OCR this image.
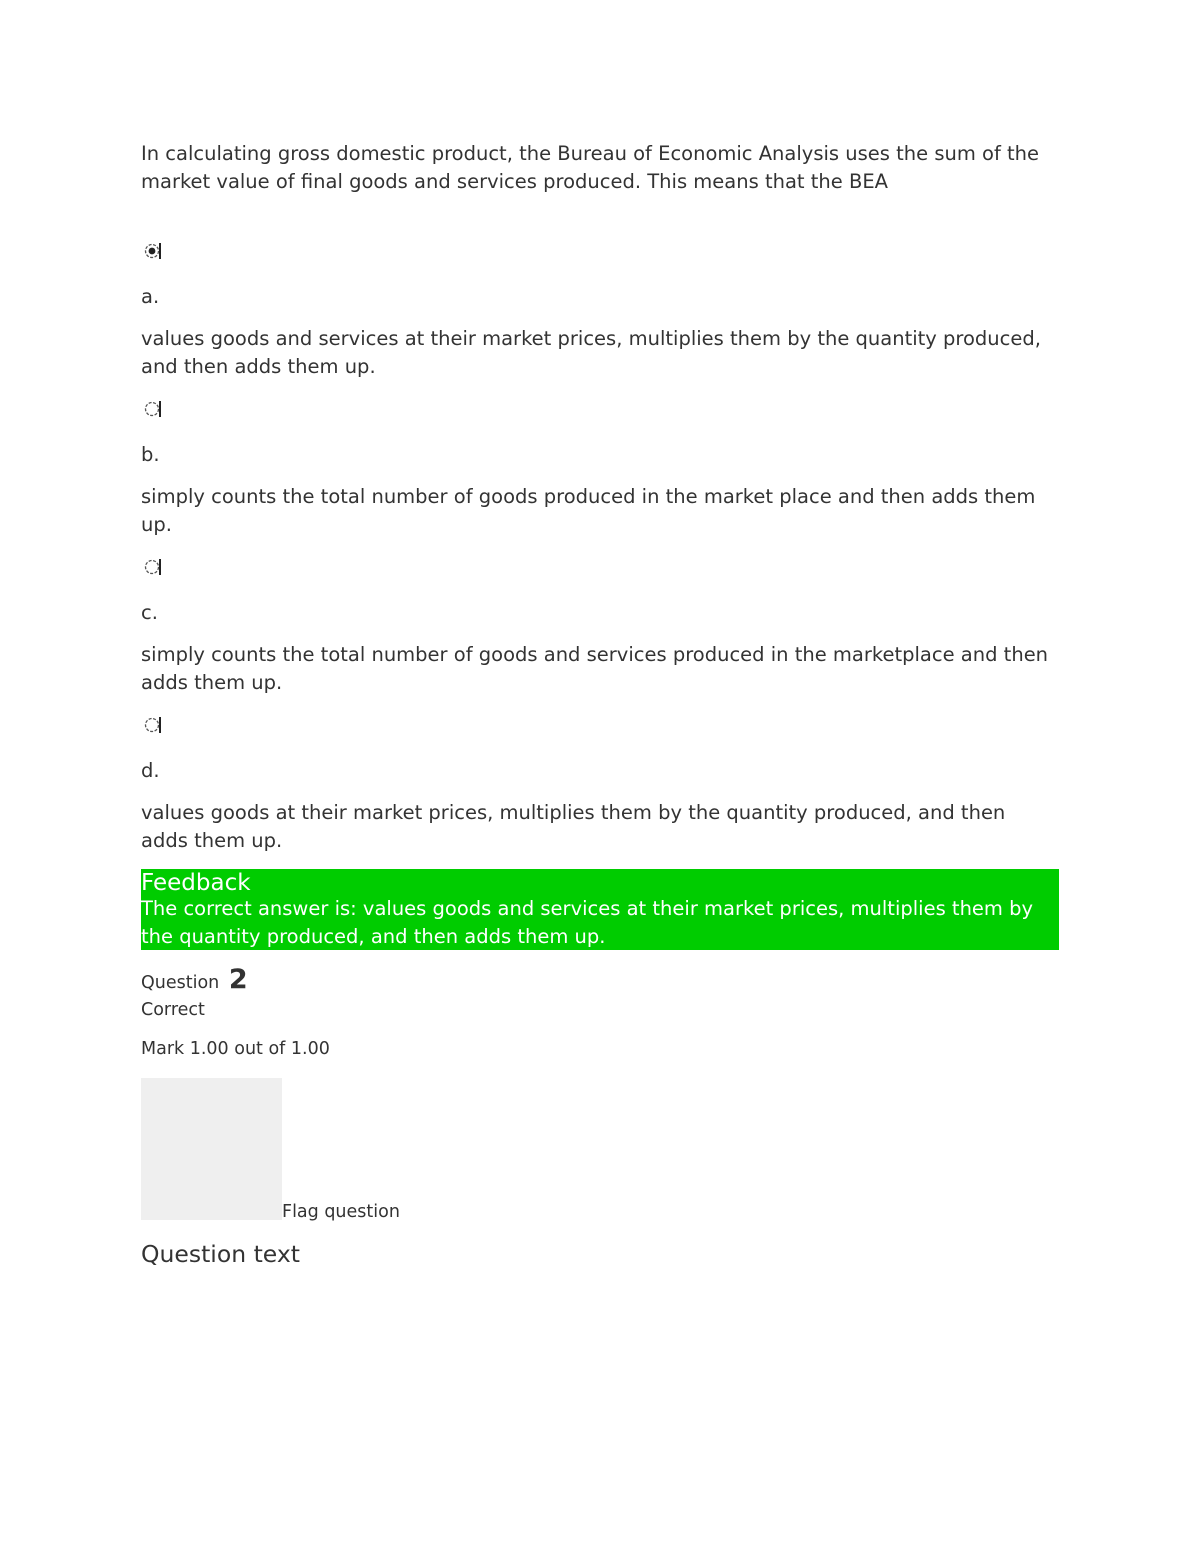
In calculating gross domestic product, the Bureau of Economic Analysis uses the sum of the market value of final goods and services produced. This means that the BEA

a.

values goods and services at their market prices, multiplies them by the quantity produced, and then adds them up.

b.

simply counts the total number of goods produced in the market place and then adds them up.

c.

simply counts the total number of goods and services produced in the marketplace and then adds them up.

d.

values goods at their market prices, multiplies them by the quantity produced, and then adds them up.

Feedback
The correct answer is: values goods and services at their market prices, multiplies them by the quantity produced, and then adds them up.
Question 2
Correct
Mark 1.00 out of 1.00
Flag question
Question text
